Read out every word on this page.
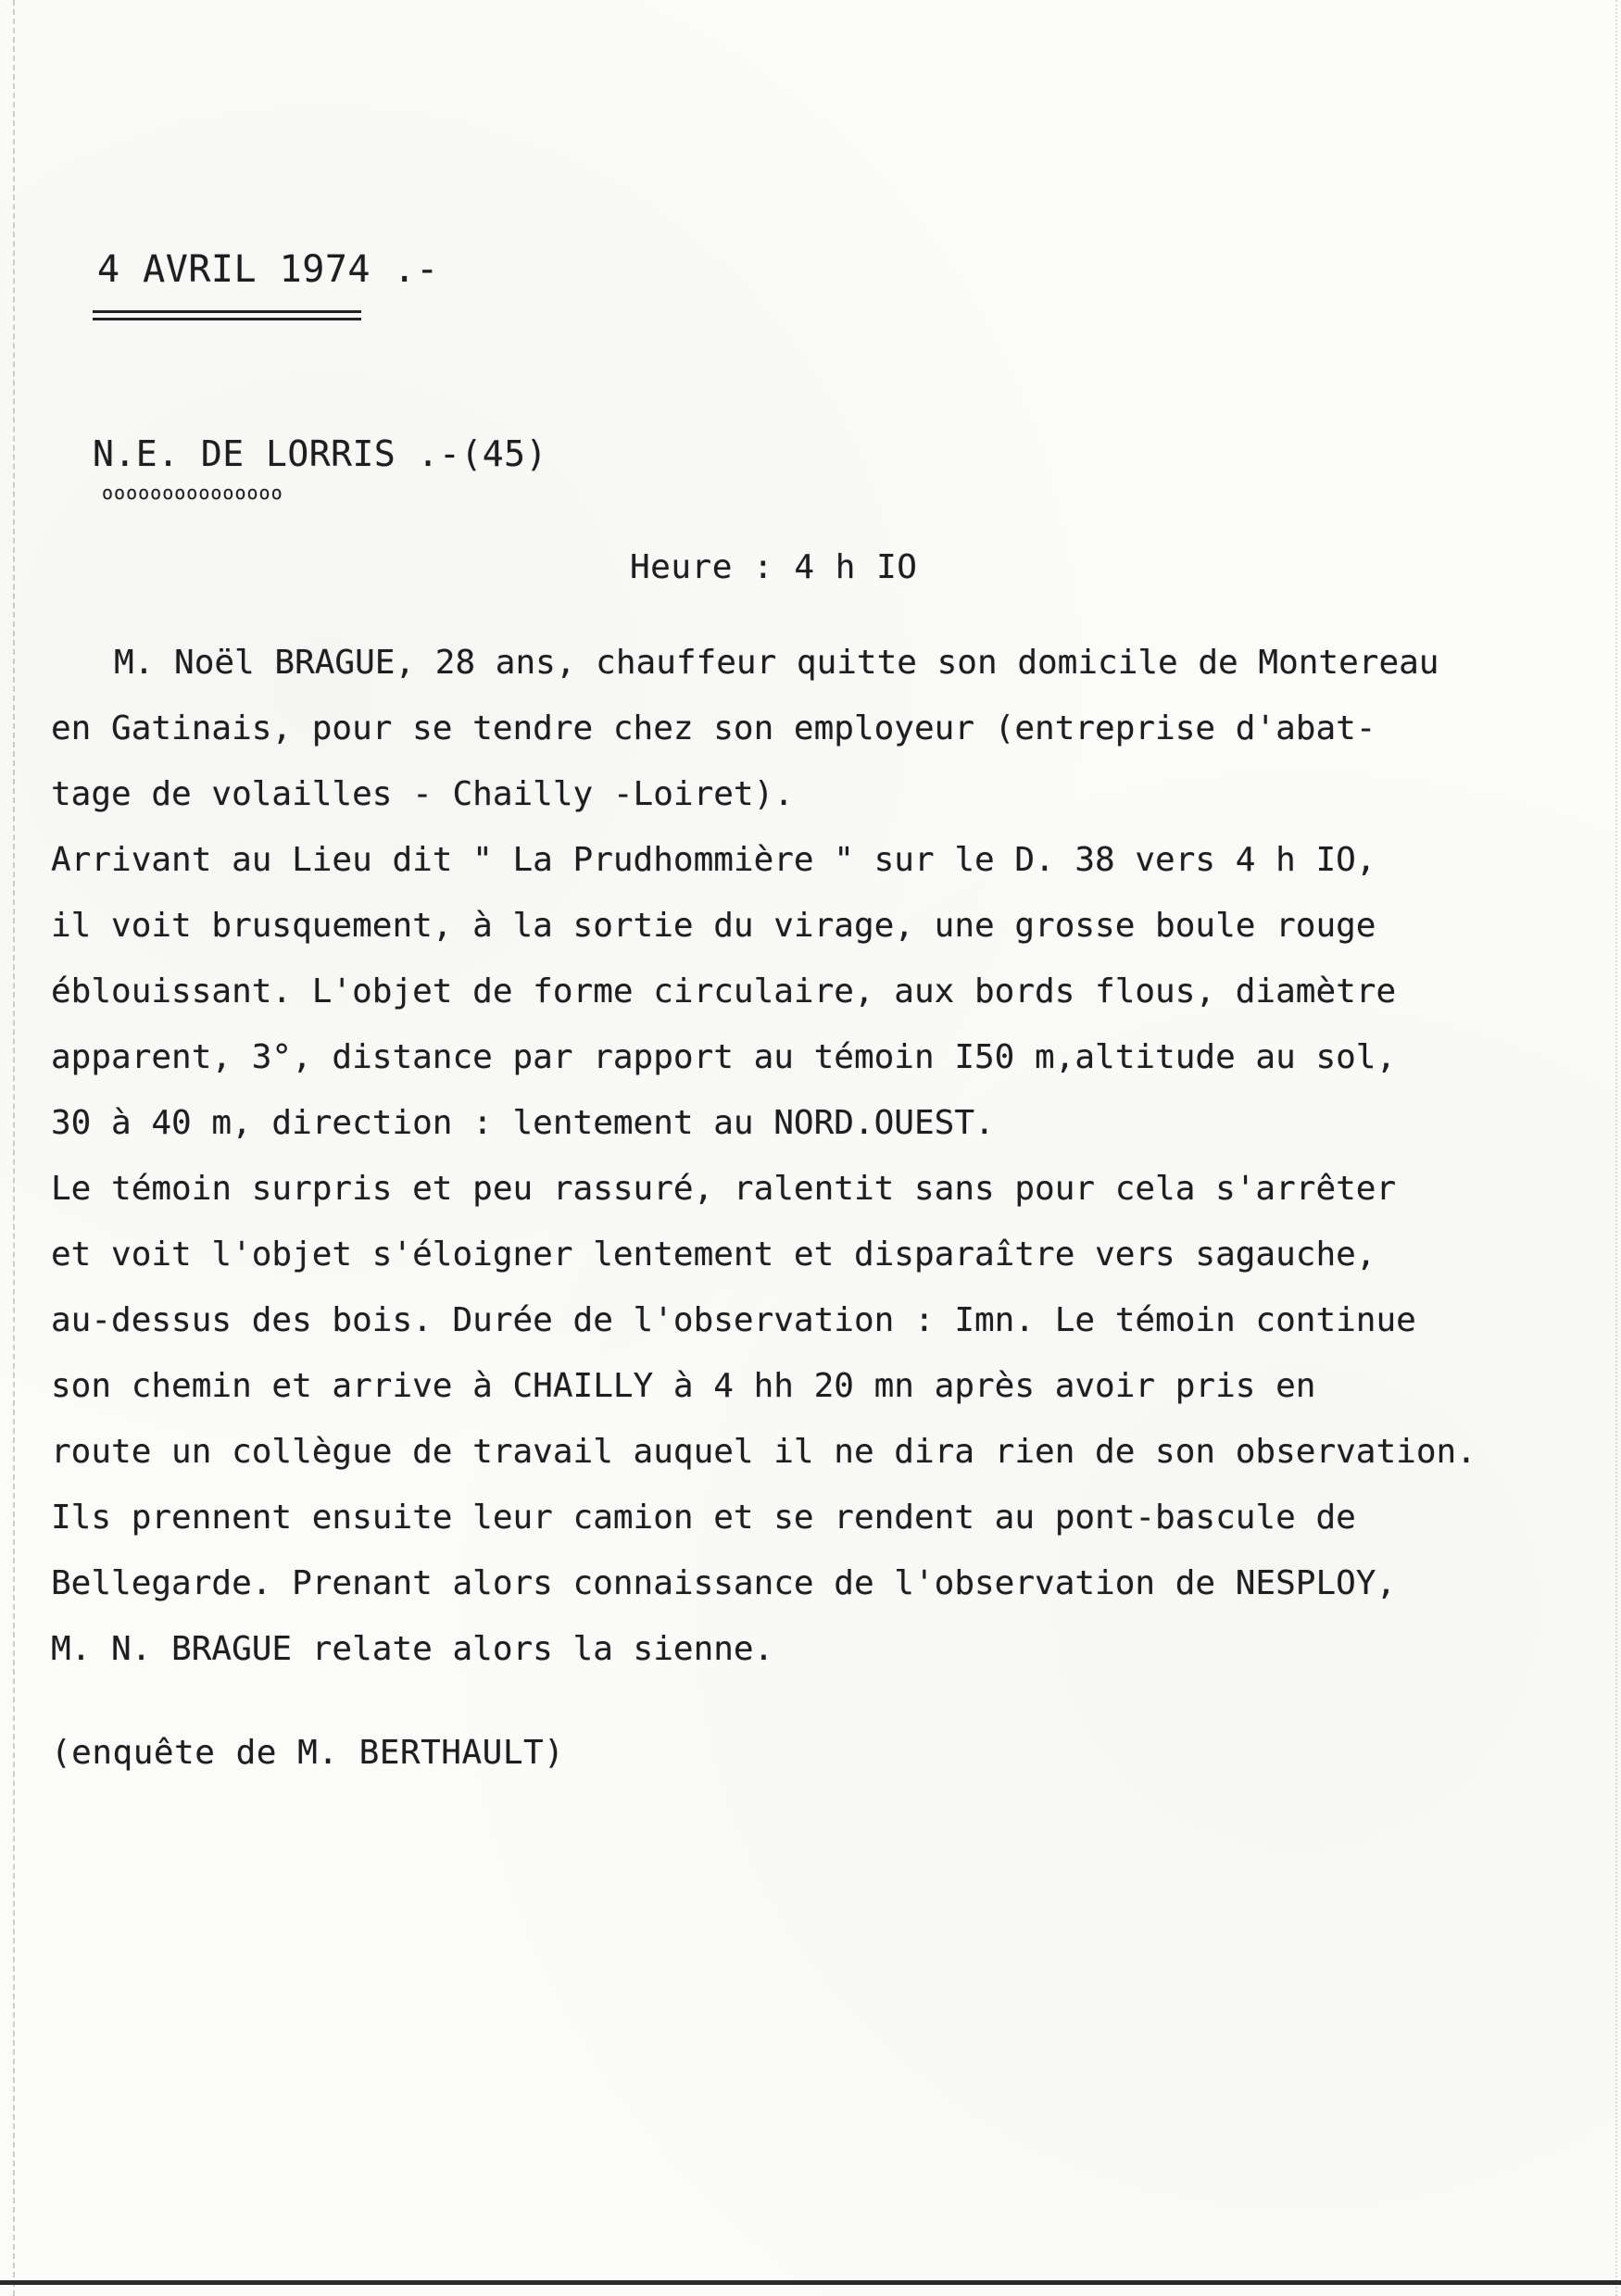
4 AVRIL 1974 .-
N.E. DE LORRIS .-(45)
ooooooooooooooo
Heure : 4 h IO
M. Noël BRAGUE, 28 ans, chauffeur quitte son domicile de Montereau
en Gatinais, pour se tendre chez son employeur (entreprise d'abat-
tage de volailles - Chailly -Loiret).
Arrivant au Lieu dit " La Prudhommière " sur le D. 38 vers 4 h IO,
il voit brusquement, à la sortie du virage, une grosse boule rouge
éblouissant. L'objet de forme circulaire, aux bords flous, diamètre
apparent, 3°, distance par rapport au témoin I50 m,altitude au sol,
30 à 40 m, direction : lentement au NORD.OUEST.
Le témoin surpris et peu rassuré, ralentit sans pour cela s'arrêter
et voit l'objet s'éloigner lentement et disparaître vers sagauche,
au-dessus des bois. Durée de l'observation : Imn. Le témoin continue
son chemin et arrive à CHAILLY à 4 hh 20 mn après avoir pris en
route un collègue de travail auquel il ne dira rien de son observation.
Ils prennent ensuite leur camion et se rendent au pont-bascule de
Bellegarde. Prenant alors connaissance de l'observation de NESPLOY,
M. N. BRAGUE relate alors la sienne.
(enquête de M. BERTHAULT)
